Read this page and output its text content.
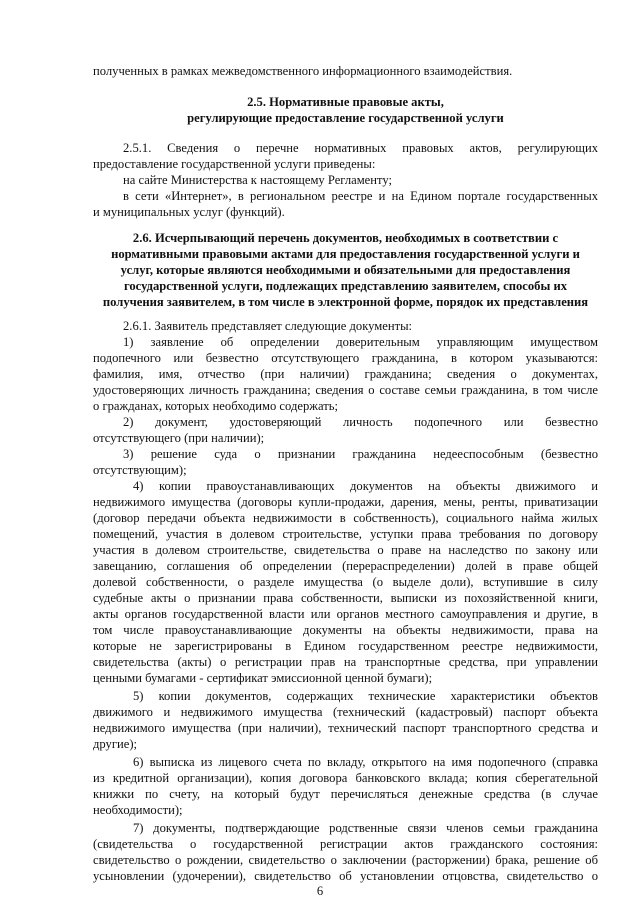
полученных в рамках межведомственного информационного взаимодействия.

2.5. Нормативные правовые акты,

регулирующие предоставление государственной услуги

2.5.1. Сведения о перечне нормативных правовых актов, регулирующих

предоставление государственной услуги приведены:

на сайте Министерства к настоящему Регламенту;

в сети «Интернет», в региональном реестре и на Едином портале государственных

и муниципальных услуг (функций).

2.6. Исчерпывающий перечень документов, необходимых в соответствии с

нормативными правовыми актами для предоставления государственной услуги и

услуг, которые являются необходимыми и обязательными для предоставления

государственной услуги, подлежащих представлению заявителем, способы их

получения заявителем, в том числе в электронной форме, порядок их представления

2.6.1. Заявитель представляет следующие документы:

1) заявление об определении доверительным управляющим имуществом

подопечного или безвестно отсутствующего гражданина, в котором указываются:

фамилия, имя, отчество (при наличии) гражданина; сведения о документах,

удостоверяющих личность гражданина; сведения о составе семьи гражданина, в том числе

о гражданах, которых необходимо содержать;

2) документ, удостоверяющий личность подопечного или безвестно

отсутствующего (при наличии);

3) решение суда о признании гражданина недееспособным (безвестно

отсутствующим);

4) копии правоустанавливающих документов на объекты движимого и

недвижимого имущества (договоры купли-продажи, дарения, мены, ренты, приватизации

(договор передачи объекта недвижимости в собственность), социального найма жилых

помещений, участия в долевом строительстве, уступки права требования по договору

участия в долевом строительстве, свидетельства о праве на наследство по закону или

завещанию, соглашения об определении (перераспределении) долей в праве общей

долевой собственности, о разделе имущества (о выделе доли), вступившие в силу

судебные акты о признании права собственности, выписки из похозяйственной книги,

акты органов государственной власти или органов местного самоуправления и другие, в

том числе правоустанавливающие документы на объекты недвижимости, права на

которые не зарегистрированы в Едином государственном реестре недвижимости,

свидетельства (акты) о регистрации прав на транспортные средства, при управлении

ценными бумагами - сертификат эмиссионной ценной бумаги);

5) копии документов, содержащих технические характеристики объектов

движимого и недвижимого имущества (технический (кадастровый) паспорт объекта

недвижимого имущества (при наличии), технический паспорт транспортного средства и

другие);

6) выписка из лицевого счета по вкладу, открытого на имя подопечного (справка

из кредитной организации), копия договора банковского вклада; копия сберегательной

книжки по счету, на который будут перечисляться денежные средства (в случае

необходимости);

7) документы, подтверждающие родственные связи членов семьи гражданина

(свидетельства о государственной регистрации актов гражданского состояния:

свидетельство о рождении, свидетельство о заключении (расторжении) брака, решение об

усыновлении (удочерении), свидетельство об установлении отцовства, свидетельство о

6
